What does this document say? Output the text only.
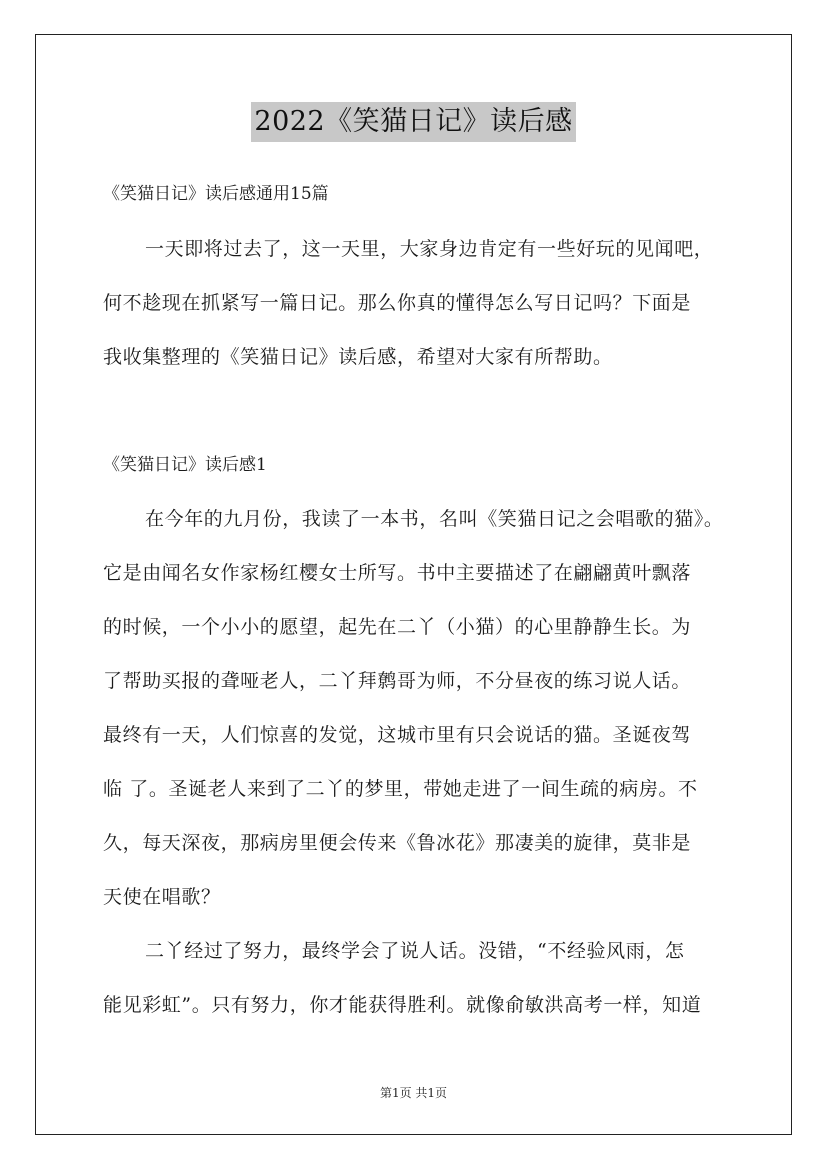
2022《笑猫日记》读后感
《笑猫日记》读后感通用15篇
一天即将过去了，这一天里，大家身边肯定有一些好玩的见闻吧，
何不趁现在抓紧写一篇日记。那么你真的懂得怎么写日记吗？下面是
我收集整理的《笑猫日记》读后感，希望对大家有所帮助。
《笑猫日记》读后感1
在今年的九月份，我读了一本书，名叫《笑猫日记之会唱歌的猫》。
它是由闻名女作家杨红樱女士所写。书中主要描述了在翩翩黄叶飘落
的时候，一个小小的愿望，起先在二丫（小猫）的心里静静生长。为
了帮助买报的聋哑老人，二丫拜鹩哥为师，不分昼夜的练习说人话。
最终有一天，人们惊喜的发觉，这城市里有只会说话的猫。圣诞夜驾
临 了。圣诞老人来到了二丫的梦里，带她走进了一间生疏的病房。不
久，每天深夜，那病房里便会传来《鲁冰花》那凄美的旋律，莫非是
天使在唱歌？
二丫经过了努力，最终学会了说人话。没错，“不经验风雨，怎
能见彩虹”。只有努力，你才能获得胜利。就像俞敏洪高考一样，知道
第1页 共1页
